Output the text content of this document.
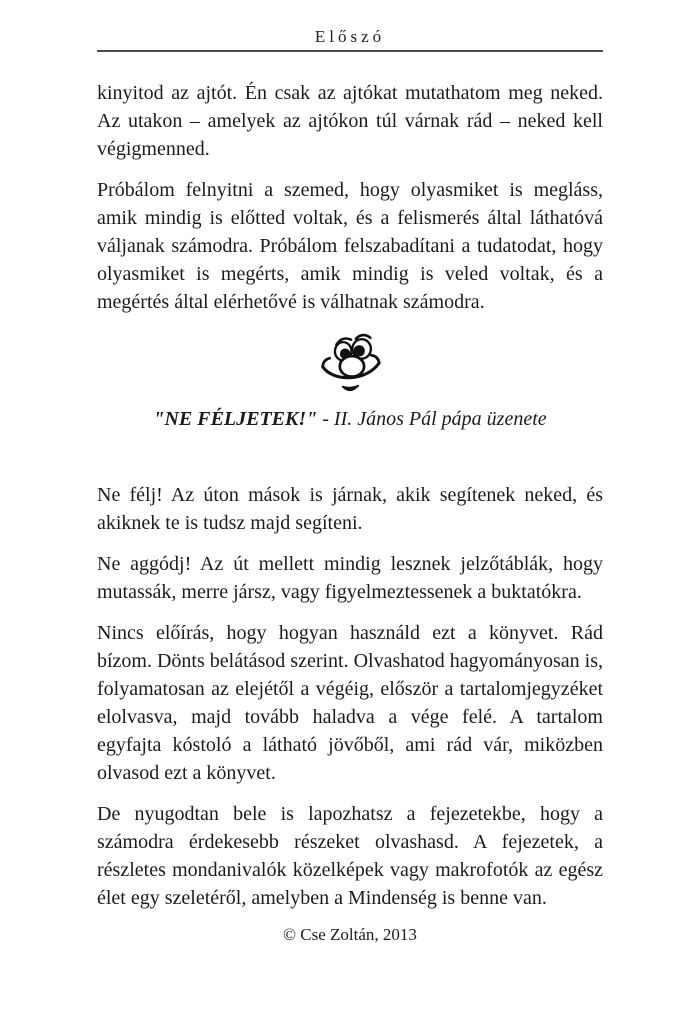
Előszó

kinyitod az ajtót. Én csak az ajtókat mutathatom meg neked. Az utakon – amelyek az ajtókon túl várnak rád – neked kell végigmenned.

Próbálom felnyitni a szemed, hogy olyasmiket is megláss, amik mindig is előtted voltak, és a felismerés által láthatóvá váljanak számodra. Próbálom felszabadítani a tudatodat, hogy olyasmiket is megérts, amik mindig is veled voltak, és a megértés által elérhetővé is válhatnak számodra.

"NE FÉLJETEK!" - II. János Pál pápa üzenete

Ne félj! Az úton mások is járnak, akik segítenek neked, és akiknek te is tudsz majd segíteni.

Ne aggódj! Az út mellett mindig lesznek jelzőtáblák, hogy mutassák, merre jársz, vagy figyelmeztessenek a buktatókra.

Nincs előírás, hogy hogyan használd ezt a könyvet. Rád bízom. Dönts belátásod szerint. Olvashatod hagyományosan is, folyamatosan az elejétől a végéig, először a tartalomjegyzéket elolvasva, majd tovább haladva a vége felé. A tartalom egyfajta kóstoló a látható jövőből, ami rád vár, miközben olvasod ezt a könyvet.

De nyugodtan bele is lapozhatsz a fejezetekbe, hogy a számodra érdekesebb részeket olvashasd. A fejezetek, a részletes mondanivalók közelképek vagy makrofotók az egész élet egy szeletéről, amelyben a Mindenség is benne van.

© Cse Zoltán, 2013
